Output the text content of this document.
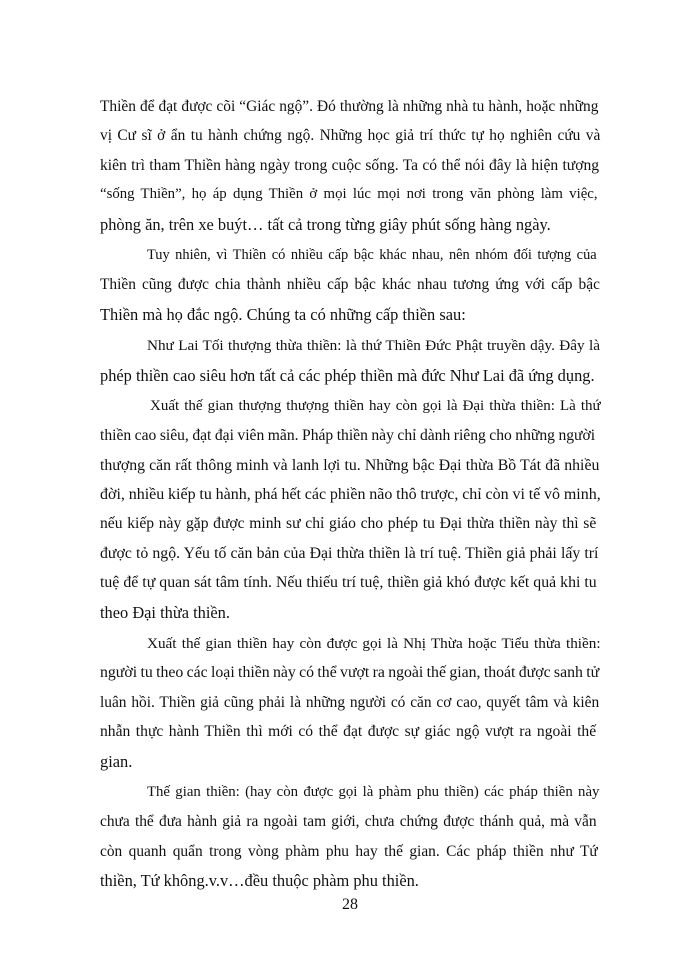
Thiền để đạt được cõi “Giác ngộ”. Đó thường là những nhà tu hành, hoặc những
vị Cư sĩ ở ẩn tu hành chứng ngộ. Những học giả trí thức tự họ nghiên cứu và
kiên trì tham Thiền hàng ngày trong cuộc sống. Ta có thể nói đây là hiện tượng
“sống Thiền”, họ áp dụng Thiền ở mọi lúc mọi nơi trong văn phòng làm việc,
phòng ăn, trên xe buýt… tất cả trong từng giây phút sống hàng ngày.
Tuy nhiên, vì Thiền có nhiều cấp bậc khác nhau, nên nhóm đối tượng của
Thiền cũng được chia thành nhiều cấp bậc khác nhau tương ứng với cấp bậc
Thiền mà họ đắc ngộ. Chúng ta có những cấp thiền sau:
Như Lai Tối thượng thừa thiền: là thứ Thiền Đức Phật truyền dậy. Đây là
phép thiền cao siêu hơn tất cả các phép thiền mà đức Như Lai đã ứng dụng.
Xuất thế gian thượng thượng thiền hay còn gọi là Đại thừa thiền: Là thứ
thiền cao siêu, đạt đại viên mãn. Pháp thiền này chỉ dành riêng cho những người
thượng căn rất thông minh và lanh lợi tu. Những bậc Đại thừa Bồ Tát đã nhiều
đời, nhiều kiếp tu hành, phá hết các phiền não thô trược, chỉ còn vi tế vô minh,
nếu kiếp này gặp được minh sư chỉ giáo cho phép tu Đại thừa thiền này thì sẽ
được tỏ ngộ. Yếu tố căn bản của Đại thừa thiền là trí tuệ. Thiền giả phải lấy trí
tuệ để tự quan sát tâm tính. Nếu thiếu trí tuệ, thiền giả khó được kết quả khi tu
theo Đại thừa thiền.
Xuất thế gian thiền hay còn được gọi là Nhị Thừa hoặc Tiểu thừa thiền:
người tu theo các loại thiền này có thể vượt ra ngoài thế gian, thoát được sanh tử
luân hồi. Thiền giả cũng phải là những người có căn cơ cao, quyết tâm và kiên
nhẫn thực hành Thiền thì mới có thể đạt được sự giác ngộ vượt ra ngoài thế
gian.
Thế gian thiền: (hay còn được gọi là phàm phu thiền) các pháp thiền này
chưa thể đưa hành giả ra ngoài tam giới, chưa chứng được thánh quả, mà vẫn
còn quanh quẩn trong vòng phàm phu hay thế gian. Các pháp thiền như Tứ
thiền, Tứ không.v.v…đều thuộc phàm phu thiền.
28
